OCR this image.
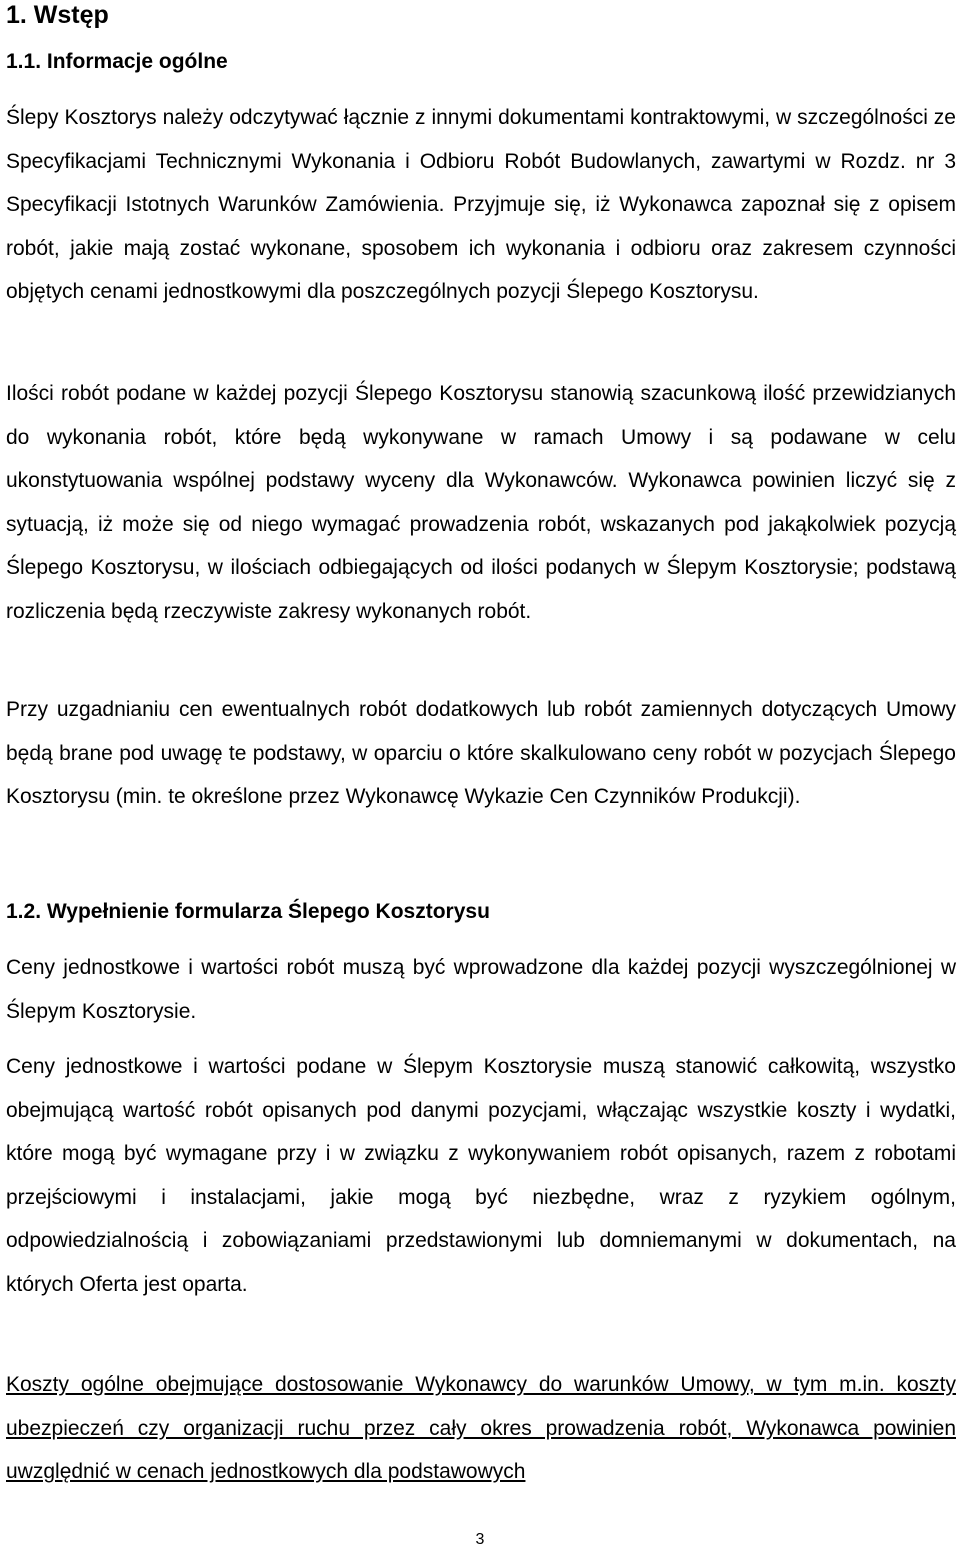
1. Wstęp
1.1. Informacje ogólne

Ślepy Kosztorys należy odczytywać łącznie z innymi dokumentami kontraktowymi, w szczególności ze Specyfikacjami Technicznymi Wykonania i Odbioru Robót Budowlanych, zawartymi w Rozdz. nr 3 Specyfikacji Istotnych Warunków Zamówienia. Przyjmuje się, iż Wykonawca zapoznał się z opisem robót, jakie mają zostać wykonane, sposobem ich wykonania i odbioru oraz zakresem czynności objętych cenami jednostkowymi dla poszczególnych pozycji Ślepego Kosztorysu.

Ilości robót podane w każdej pozycji Ślepego Kosztorysu stanowią szacunkową ilość przewidzianych do wykonania robót, które będą wykonywane w ramach Umowy i są podawane w celu ukonstytuowania wspólnej podstawy wyceny dla Wykonawców. Wykonawca powinien liczyć się z sytuacją, iż może się od niego wymagać prowadzenia robót, wskazanych pod jakąkolwiek pozycją Ślepego Kosztorysu, w ilościach odbiegających od ilości podanych w Ślepym Kosztorysie; podstawą rozliczenia będą rzeczywiste zakresy wykonanych robót.

Przy uzgadnianiu cen ewentualnych robót dodatkowych lub robót zamiennych dotyczących Umowy będą brane pod uwagę te podstawy, w oparciu o które skalkulowano ceny robót w pozycjach Ślepego Kosztorysu (min. te określone przez Wykonawcę Wykazie Cen Czynników Produkcji).

1.2. Wypełnienie formularza Ślepego Kosztorysu

Ceny jednostkowe i wartości robót muszą być wprowadzone dla każdej pozycji wyszczególnionej w Ślepym Kosztorysie.

Ceny jednostkowe i wartości podane w Ślepym Kosztorysie muszą stanowić całkowitą, wszystko obejmującą wartość robót opisanych pod danymi pozycjami, włączając wszystkie koszty i wydatki, które mogą być wymagane przy i w związku z wykonywaniem robót opisanych, razem z robotami przejściowymi i instalacjami, jakie mogą być niezbędne, wraz z ryzykiem ogólnym, odpowiedzialnością i zobowiązaniami przedstawionymi lub domniemanymi w dokumentach, na których Oferta jest oparta.

Koszty ogólne obejmujące dostosowanie Wykonawcy do warunków Umowy, w tym m.in. koszty ubezpieczeń czy organizacji ruchu przez cały okres prowadzenia robót, Wykonawca powinien uwzględnić w cenach jednostkowych dla podstawowych

3
